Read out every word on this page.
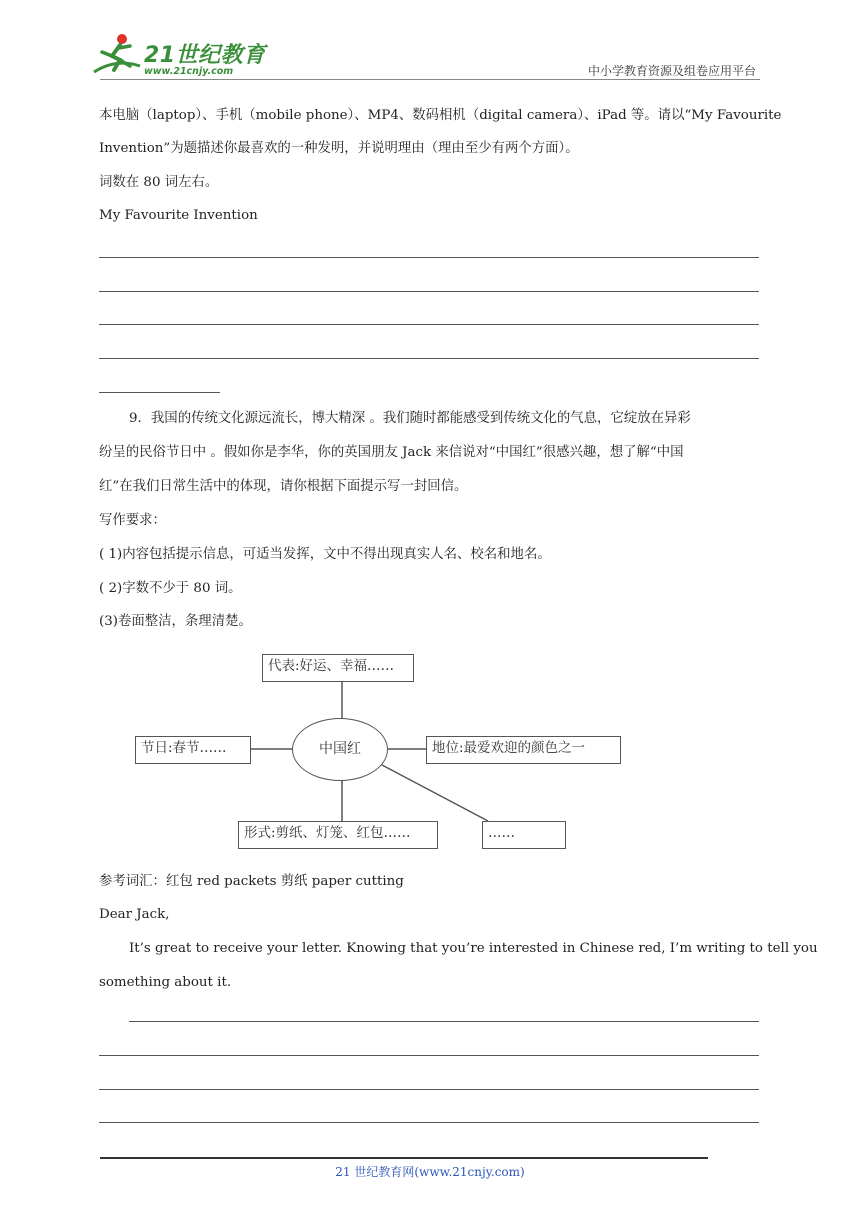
21世纪教育
www.21cnjy.com	中小学教育资源及组卷应用平台
本电脑（laptop）、手机（mobile phone）、MP4、数码相机（digital camera）、iPad 等。请以“My Favourite
Invention”为题描述你最喜欢的一种发明，并说明理由（理由至少有两个方面）。
词数在 80 词左右。
My Favourite Invention
9．我国的传统文化源远流长，博大精深 。我们随时都能感受到传统文化的气息，它绽放在异彩
纷呈的民俗节日中 。假如你是李华，你的英国朋友 Jack 来信说对“中国红”很感兴趣，想了解“中国
红”在我们日常生活中的体现，请你根据下面提示写一封回信。
写作要求：
( 1)内容包括提示信息，可适当发挥，文中不得出现真实人名、校名和地名。
( 2)字数不少于 80 词。
(3)卷面整洁，条理清楚。
代表:好运、幸福……
节日:春节……	中国红	地位:最爱欢迎的颜色之一
形式:剪纸、灯笼、红包……	……
参考词汇：红包 red packets 剪纸 paper cutting
Dear Jack,
It’s great to receive your letter. Knowing that you’re interested in Chinese red, I’m writing to tell you
something about it.
21 世纪教育网(www.21cnjy.com)
